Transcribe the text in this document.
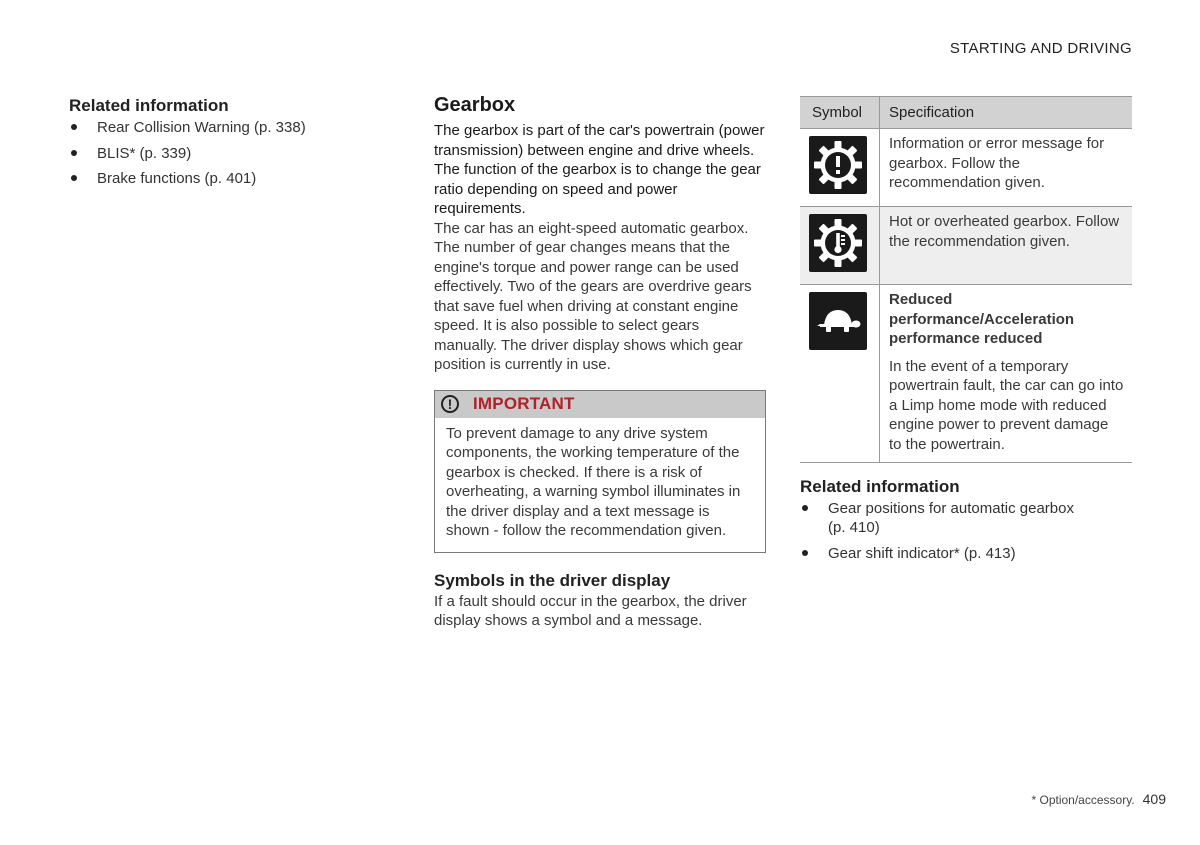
STARTING AND DRIVING
Related information
Rear Collision Warning (p. 338)
BLIS* (p. 339)
Brake functions (p. 401)
Gearbox

The gearbox is part of the car's powertrain (power transmission) between engine and drive wheels. The function of the gearbox is to change the gear ratio depending on speed and power requirements.

The car has an eight-speed automatic gearbox. The number of gear changes means that the engine's torque and power range can be used effectively. Two of the gears are overdrive gears that save fuel when driving at constant engine speed. It is also possible to select gears manually. The driver display shows which gear position is currently in use.

!	IMPORTANT
To prevent damage to any drive system components, the working temperature of the gearbox is checked. If there is a risk of overheating, a warning symbol illuminates in the driver display and a text message is shown - follow the recommendation given.
Symbols in the driver display

If a fault should occur in the gearbox, the driver display shows a symbol and a message.

Symbol	Specification

Information or error message for gearbox. Follow the recommendation given.

Hot or overheated gearbox. Follow the recommendation given.

Reduced performance/Acceleration performance reduced
In the event of a temporary powertrain fault, the car can go into a Limp home mode with reduced engine power to prevent damage to the powertrain.
Related information
Gear positions for automatic gearbox (p. 410)
Gear shift indicator* (p. 413)
* Option/accessory. 409
